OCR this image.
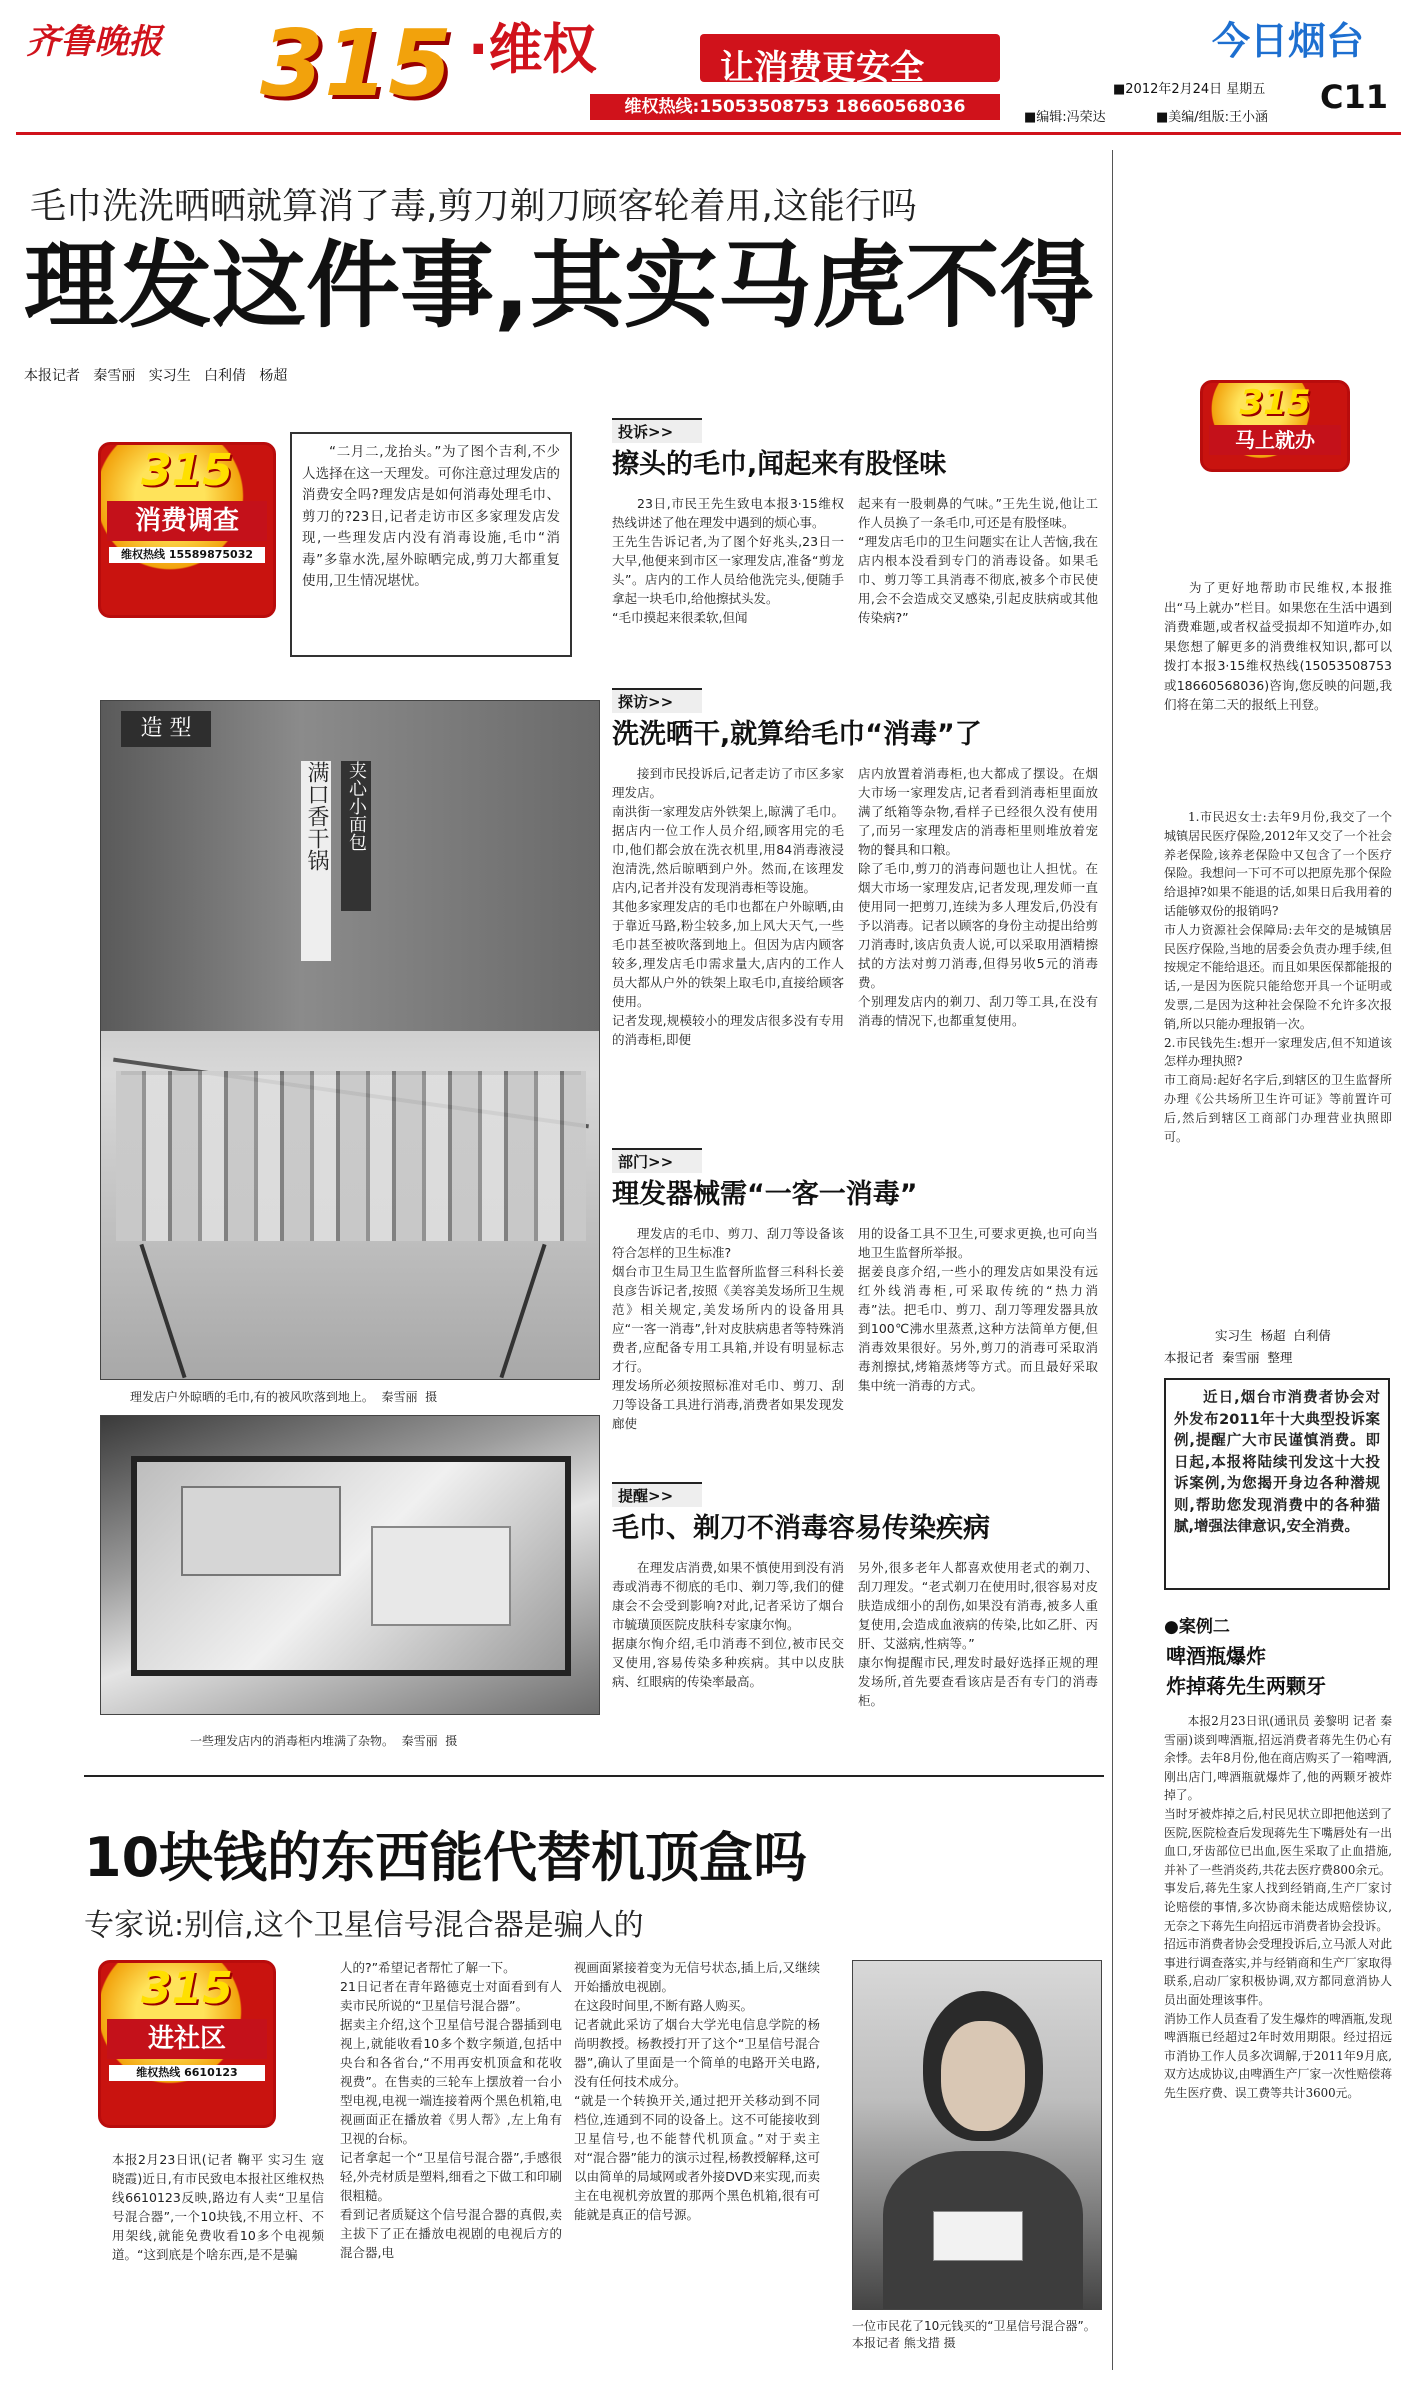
齐鲁晚报 315 ·维权	让消费更安全
维权热线:15053508753 18660568036
今日烟台
■2012年2月24日 星期五 C11
■编辑:冯荣达	■美编/组版:王小涵
毛巾洗洗晒晒就算消了毒,剪刀剃刀顾客轮着用,这能行吗
理发这件事,其实马虎不得
本报记者   秦雪丽   实习生   白利倩   杨超
315
消费调查
维权热线 15589875032
“二月二,龙抬头。”为了图个吉利,不少人选择在这一天理发。可你注意过理发店的消费安全吗?理发店是如何消毒处理毛巾、剪刀的?23日,记者走访市区多家理发店发现,一些理发店内没有消毒设施,毛巾“消毒”多靠水洗,屋外晾晒完成,剪刀大都重复使用,卫生情况堪忧。
造 型
满口香干锅 夹心小面包
理发店户外晾晒的毛巾,有的被风吹落到地上。  秦雪丽  摄
一些理发店内的消毒柜内堆满了杂物。  秦雪丽  摄
投诉>>
擦头的毛巾,闻起来有股怪味
23日,市民王先生致电本报3·15维权热线讲述了他在理发中遇到的烦心事。
王先生告诉记者,为了图个好兆头,23日一大早,他便来到市区一家理发店,准备“剪龙头”。店内的工作人员给他洗完头,便随手拿起一块毛巾,给他擦拭头发。
“毛巾摸起来很柔软,但闻
起来有一股刺鼻的气味。”王先生说,他让工作人员换了一条毛巾,可还是有股怪味。
“理发店毛巾的卫生问题实在让人苦恼,我在店内根本没看到专门的消毒设备。如果毛巾、剪刀等工具消毒不彻底,被多个市民使用,会不会造成交叉感染,引起皮肤病或其他传染病?”
探访>>
洗洗晒干,就算给毛巾“消毒”了
接到市民投诉后,记者走访了市区多家理发店。
南洪街一家理发店外铁架上,晾满了毛巾。据店内一位工作人员介绍,顾客用完的毛巾,他们都会放在洗衣机里,用84消毒液浸泡清洗,然后晾晒到户外。然而,在该理发店内,记者并没有发现消毒柜等设施。
其他多家理发店的毛巾也都在户外晾晒,由于靠近马路,粉尘较多,加上风大天气,一些毛巾甚至被吹落到地上。但因为店内顾客较多,理发店毛巾需求量大,店内的工作人员大都从户外的铁架上取毛巾,直接给顾客使用。
记者发现,规模较小的理发店很多没有专用的消毒柜,即便
店内放置着消毒柜,也大都成了摆设。在烟大市场一家理发店,记者看到消毒柜里面放满了纸箱等杂物,看样子已经很久没有使用了,而另一家理发店的消毒柜里则堆放着宠物的餐具和口粮。
除了毛巾,剪刀的消毒问题也让人担忧。在烟大市场一家理发店,记者发现,理发师一直使用同一把剪刀,连续为多人理发后,仍没有予以消毒。记者以顾客的身份主动提出给剪刀消毒时,该店负责人说,可以采取用酒精擦拭的方法对剪刀消毒,但得另收5元的消毒费。
个别理发店内的剃刀、刮刀等工具,在没有消毒的情况下,也都重复使用。
部门>>
理发器械需“一客一消毒”
理发店的毛巾、剪刀、刮刀等设备该符合怎样的卫生标准?
烟台市卫生局卫生监督所监督三科科长姜良彦告诉记者,按照《美容美发场所卫生规范》相关规定,美发场所内的设备用具应“一客一消毒”,针对皮肤病患者等特殊消费者,应配备专用工具箱,并设有明显标志才行。
理发场所必须按照标准对毛巾、剪刀、刮刀等设备工具进行消毒,消费者如果发现发廊使
用的设备工具不卫生,可要求更换,也可向当地卫生监督所举报。
据姜良彦介绍,一些小的理发店如果没有远红外线消毒柜,可采取传统的“热力消毒”法。把毛巾、剪刀、刮刀等理发器具放到100℃沸水里蒸煮,这种方法简单方便,但消毒效果很好。另外,剪刀的消毒可采取消毒剂擦拭,烤箱蒸烤等方式。而且最好采取集中统一消毒的方式。
提醒>>
毛巾、剃刀不消毒容易传染疾病
在理发店消费,如果不慎使用到没有消毒或消毒不彻底的毛巾、剃刀等,我们的健康会不会受到影响?对此,记者采访了烟台市毓璜顶医院皮肤科专家康尔恂。
据康尔恂介绍,毛巾消毒不到位,被市民交叉使用,容易传染多种疾病。其中以皮肤病、红眼病的传染率最高。
另外,很多老年人都喜欢使用老式的剃刀、刮刀理发。“老式剃刀在使用时,很容易对皮肤造成细小的刮伤,如果没有消毒,被多人重复使用,会造成血液病的传染,比如乙肝、丙肝、艾滋病,性病等。”
康尔恂提醒市民,理发时最好选择正规的理发场所,首先要查看该店是否有专门的消毒柜。
10块钱的东西能代替机顶盒吗
专家说:别信,这个卫星信号混合器是骗人的
315
进社区
维权热线 6610123
本报2月23日讯(记者 鞠平 实习生 寇晓霞)近日,有市民致电本报社区维权热线6610123反映,路边有人卖“卫星信号混合器”,一个10块钱,不用立杆、不用架线,就能免费收看10多个电视频道。“这到底是个啥东西,是不是骗
人的?”希望记者帮忙了解一下。
21日记者在青年路德克士对面看到有人卖市民所说的“卫星信号混合器”。
据卖主介绍,这个卫星信号混合器插到电视上,就能收看10多个数字频道,包括中央台和各省台,“不用再安机顶盒和花收视费”。在售卖的三轮车上摆放着一台小型电视,电视一端连接着两个黑色机箱,电视画面正在播放着《男人帮》,左上角有卫视的台标。
记者拿起一个“卫星信号混合器”,手感很轻,外壳材质是塑料,细看之下做工和印刷很粗糙。
看到记者质疑这个信号混合器的真假,卖主拔下了正在播放电视剧的电视后方的混合器,电
视画面紧接着变为无信号状态,插上后,又继续开始播放电视剧。
在这段时间里,不断有路人购买。
记者就此采访了烟台大学光电信息学院的杨尚明教授。杨教授打开了这个“卫星信号混合器”,确认了里面是一个简单的电路开关电路,没有任何技术成分。
“就是一个转换开关,通过把开关移动到不同档位,连通到不同的设备上。这不可能接收到卫星信号,也不能替代机顶盒。”对于卖主对“混合器”能力的演示过程,杨教授解释,这可以由简单的局域网或者外接DVD来实现,而卖主在电视机旁放置的那两个黑色机箱,很有可能就是真正的信号源。
一位市民花了10元钱买的“卫星信号混合器”。 本报记者 熊戈措 摄
315
马上就办
为了更好地帮助市民维权,本报推出“马上就办”栏目。如果您在生活中遇到消费难题,或者权益受损却不知道咋办,如果您想了解更多的消费维权知识,都可以拨打本报3·15维权热线(15053508753或18660568036)咨询,您反映的问题,我们将在第二天的报纸上刊登。
1.市民迟女士:去年9月份,我交了一个城镇居民医疗保险,2012年又交了一个社会养老保险,该养老保险中又包含了一个医疗保险。我想问一下可不可以把原先那个保险给退掉?如果不能退的话,如果日后我用着的话能够双份的报销吗?
市人力资源社会保障局:去年交的是城镇居民医疗保险,当地的居委会负责办理手续,但按规定不能给退还。而且如果医保都能报的话,一是因为医院只能给您开具一个证明或发票,二是因为这种社会保险不允许多次报销,所以只能办理报销一次。
2.市民钱先生:想开一家理发店,但不知道该怎样办理执照?
市工商局:起好名字后,到辖区的卫生监督所办理《公共场所卫生许可证》等前置许可后,然后到辖区工商部门办理营业执照即可。
实习生  杨超  白利倩
本报记者  秦雪丽  整理
近日,烟台市消费者协会对外发布2011年十大典型投诉案例,提醒广大市民谨慎消费。即日起,本报将陆续刊发这十大投诉案例,为您揭开身边各种潜规则,帮助您发现消费中的各种猫腻,增强法律意识,安全消费。
●案例二
啤酒瓶爆炸
炸掉蒋先生两颗牙
本报2月23日讯(通讯员 姜黎明 记者 秦雪丽)谈到啤酒瓶,招远消费者蒋先生仍心有余悸。去年8月份,他在商店购买了一箱啤酒,刚出店门,啤酒瓶就爆炸了,他的两颗牙被炸掉了。
当时牙被炸掉之后,村民见状立即把他送到了医院,医院检查后发现蒋先生下嘴唇处有一出血口,牙齿部位已出血,医生采取了止血措施,并补了一些消炎药,共花去医疗费800余元。
事发后,蒋先生家人找到经销商,生产厂家讨论赔偿的事情,多次协商未能达成赔偿协议,无奈之下蒋先生向招远市消费者协会投诉。
招远市消费者协会受理投诉后,立马派人对此事进行调查落实,并与经销商和生产厂家取得联系,启动厂家积极协调,双方都同意消协人员出面处理该事件。
消协工作人员查看了发生爆炸的啤酒瓶,发现啤酒瓶已经超过2年时效用期限。经过招远市消协工作人员多次调解,于2011年9月底,双方达成协议,由啤酒生产厂家一次性赔偿蒋先生医疗费、误工费等共计3600元。
